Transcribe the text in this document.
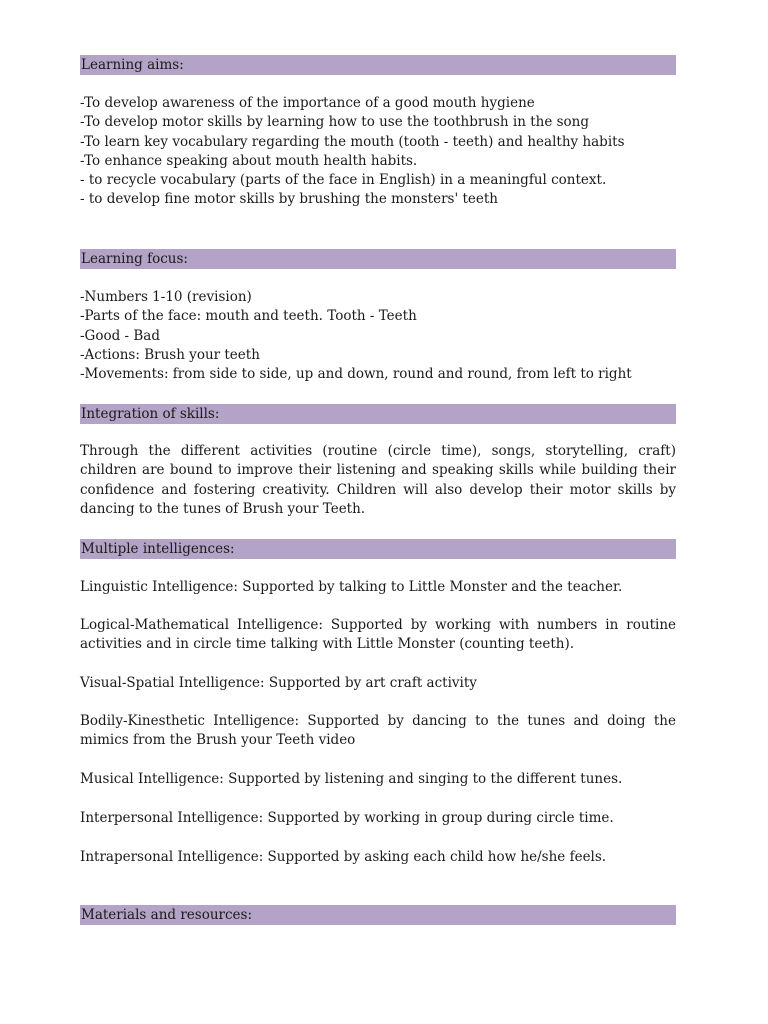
Learning aims:
-To develop awareness of the importance of a good mouth hygiene
-To develop motor skills by learning how to use the toothbrush in the song
-To learn key vocabulary regarding the mouth (tooth - teeth) and healthy habits
-To enhance speaking about mouth health habits.
- to recycle vocabulary (parts of the face in English) in a meaningful context.
- to develop fine motor skills by brushing the monsters' teeth
Learning focus:
-Numbers 1-10 (revision)
-Parts of the face: mouth and teeth. Tooth - Teeth
-Good - Bad
-Actions: Brush your teeth
-Movements: from side to side, up and down, round and round, from left to right
Integration of skills:
Through the different activities (routine (circle time), songs, storytelling, craft) children are bound to improve their listening and speaking skills while building their confidence and fostering creativity. Children will also develop their motor skills by dancing to the tunes of Brush your Teeth.
Multiple intelligences:
Linguistic Intelligence: Supported by talking to Little Monster and the teacher.
Logical-Mathematical Intelligence: Supported by working with numbers in routine activities and in circle time talking with Little Monster (counting teeth).
Visual-Spatial Intelligence: Supported by art craft activity
Bodily-Kinesthetic Intelligence: Supported by dancing to the tunes and doing the mimics from the Brush your Teeth video
Musical Intelligence: Supported by listening and singing to the different tunes.
Interpersonal Intelligence: Supported by working in group during circle time.
Intrapersonal Intelligence: Supported by asking each child how he/she feels.
Materials and resources:
